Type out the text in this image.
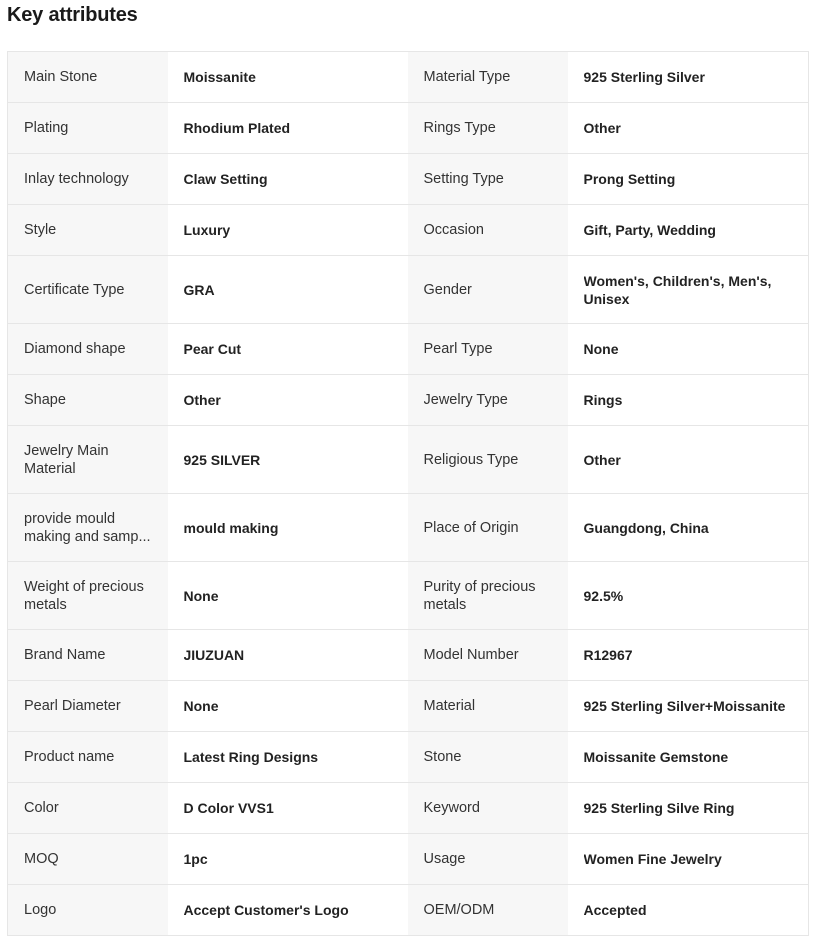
Key attributes
Main Stone	Moissanite	Material Type	925 Sterling Silver

Plating	Rhodium Plated	Rings Type	Other

Inlay technology	Claw Setting	Setting Type	Prong Setting

Style	Luxury	Occasion	Gift, Party, Wedding

Certificate Type	GRA	Gender	Women's, Children's, Men's, Unisex

Diamond shape	Pear Cut	Pearl Type	None

Shape	Other	Jewelry Type	Rings

Jewelry Main Material	925 SILVER	Religious Type	Other

provide mould making and samp...	mould making	Place of Origin	Guangdong, China

Weight of precious metals	None	Purity of precious metals	92.5%

Brand Name	JIUZUAN	Model Number	R12967

Pearl Diameter	None	Material	925 Sterling Silver+Moissanite

Product name	Latest Ring Designs	Stone	Moissanite Gemstone

Color	D Color VVS1	Keyword	925 Sterling Silve Ring

MOQ	1pc	Usage	Women Fine Jewelry

Logo	Accept Customer's Logo	OEM/ODM	Accepted
